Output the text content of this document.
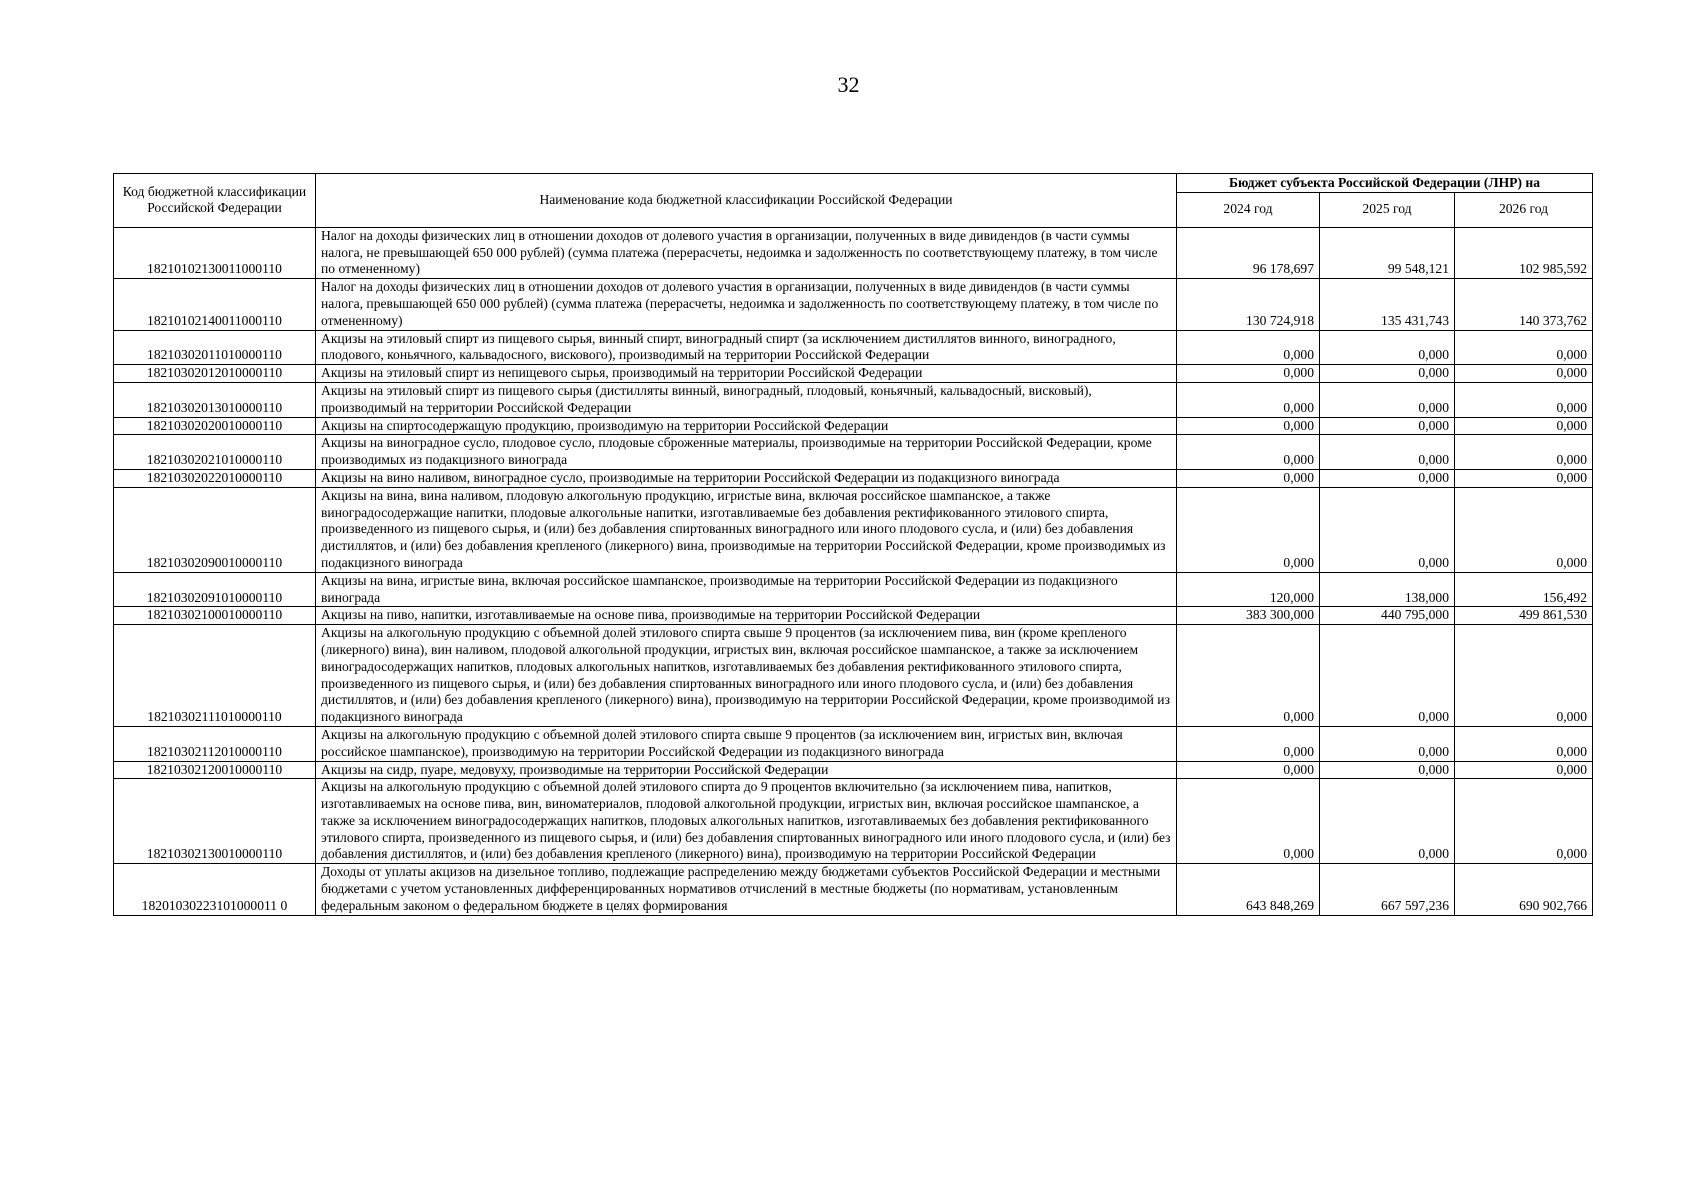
32
Код бюджетной классификации Российской Федерации	Наименование кода бюджетной классификации Российской Федерации	Бюджет субъекта Российской Федерации (ЛНР) на		
		2024 год	2025 год	2026 год
18210102130011000110	Налог на доходы физических лиц в отношении доходов от долевого участия в организации, полученных в виде дивидендов (в части суммы налога, не превышающей 650 000 рублей) (сумма платежа (перерасчеты, недоимка и задолженность по соответствующему платежу, в том числе по отмененному)	96 178,697	99 548,121	102 985,592
18210102140011000110	Налог на доходы физических лиц в отношении доходов от долевого участия в организации, полученных в виде дивидендов (в части суммы налога, превышающей 650 000 рублей) (сумма платежа (перерасчеты, недоимка и задолженность по соответствующему платежу, в том числе по отмененному)	130 724,918	135 431,743	140 373,762
18210302011010000110	Акцизы на этиловый спирт из пищевого сырья, винный спирт, виноградный спирт (за исключением дистиллятов винного, виноградного, плодового, коньячного, кальвадосного, вискового), производимый на территории Российской Федерации	0,000	0,000	0,000
18210302012010000110	Акцизы на этиловый спирт из непищевого сырья, производимый на территории Российской Федерации	0,000	0,000	0,000
18210302013010000110	Акцизы на этиловый спирт из пищевого сырья (дистилляты винный, виноградный, плодовый, коньячный, кальвадосный, висковый), производимый на территории Российской Федерации	0,000	0,000	0,000
18210302020010000110	Акцизы на спиртосодержащую продукцию, производимую на территории Российской Федерации	0,000	0,000	0,000
18210302021010000110	Акцизы на виноградное сусло, плодовое сусло, плодовые сброженные материалы, производимые на территории Российской Федерации, кроме производимых из подакцизного винограда	0,000	0,000	0,000
18210302022010000110	Акцизы на вино наливом, виноградное сусло, производимые на территории Российской Федерации из подакцизного винограда	0,000	0,000	0,000
18210302090010000110	Акцизы на вина, вина наливом, плодовую алкогольную продукцию, игристые вина, включая российское шампанское, а также виноградосодержащие напитки, плодовые алкогольные напитки, изготавливаемые без добавления ректификованного этилового спирта, произведенного из пищевого сырья, и (или) без добавления спиртованных виноградного или иного плодового сусла, и (или) без добавления дистиллятов, и (или) без добавления крепленого (ликерного) вина, производимые на территории Российской Федерации, кроме производимых из подакцизного винограда	0,000	0,000	0,000
18210302091010000110	Акцизы на вина, игристые вина, включая российское шампанское, производимые на территории Российской Федерации из подакцизного винограда	120,000	138,000	156,492
18210302100010000110	Акцизы на пиво, напитки, изготавливаемые на основе пива, производимые на территории Российской Федерации	383 300,000	440 795,000	499 861,530
18210302111010000110	Акцизы на алкогольную продукцию с объемной долей этилового спирта свыше 9 процентов (за исключением пива, вин (кроме крепленого (ликерного) вина), вин наливом, плодовой алкогольной продукции, игристых вин, включая российское шампанское, а также за исключением виноградосодержащих напитков, плодовых алкогольных напитков, изготавливаемых без добавления ректификованного этилового спирта, произведенного из пищевого сырья, и (или) без добавления спиртованных виноградного или иного плодового сусла, и (или) без добавления дистиллятов, и (или) без добавления крепленого (ликерного) вина), производимую на территории Российской Федерации, кроме производимой из подакцизного винограда	0,000	0,000	0,000
18210302112010000110	Акцизы на алкогольную продукцию с объемной долей этилового спирта свыше 9 процентов (за исключением вин, игристых вин, включая российское шампанское), производимую на территории Российской Федерации из подакцизного винограда	0,000	0,000	0,000
18210302120010000110	Акцизы на сидр, пуаре, медовуху, производимые на территории Российской Федерации	0,000	0,000	0,000
18210302130010000110	Акцизы на алкогольную продукцию с объемной долей этилового спирта до 9 процентов включительно (за исключением пива, напитков, изготавливаемых на основе пива, вин, виноматериалов, плодовой алкогольной продукции, игристых вин, включая российское шампанское, а также за исключением виноградосодержащих напитков, плодовых алкогольных напитков, изготавливаемых без добавления ректификованного этилового спирта, произведенного из пищевого сырья, и (или) без добавления спиртованных виноградного или иного плодового сусла, и (или) без добавления дистиллятов, и (или) без добавления крепленого (ликерного) вина), производимую на территории Российской Федерации	0,000	0,000	0,000
18201030223101000011 0	Доходы от уплаты акцизов на дизельное топливо, подлежащие распределению между бюджетами субъектов Российской Федерации и местными бюджетами с учетом установленных дифференцированных нормативов отчислений в местные бюджеты (по нормативам, установленным федеральным законом о федеральном бюджете в целях формирования	643 848,269	667 597,236	690 902,766
